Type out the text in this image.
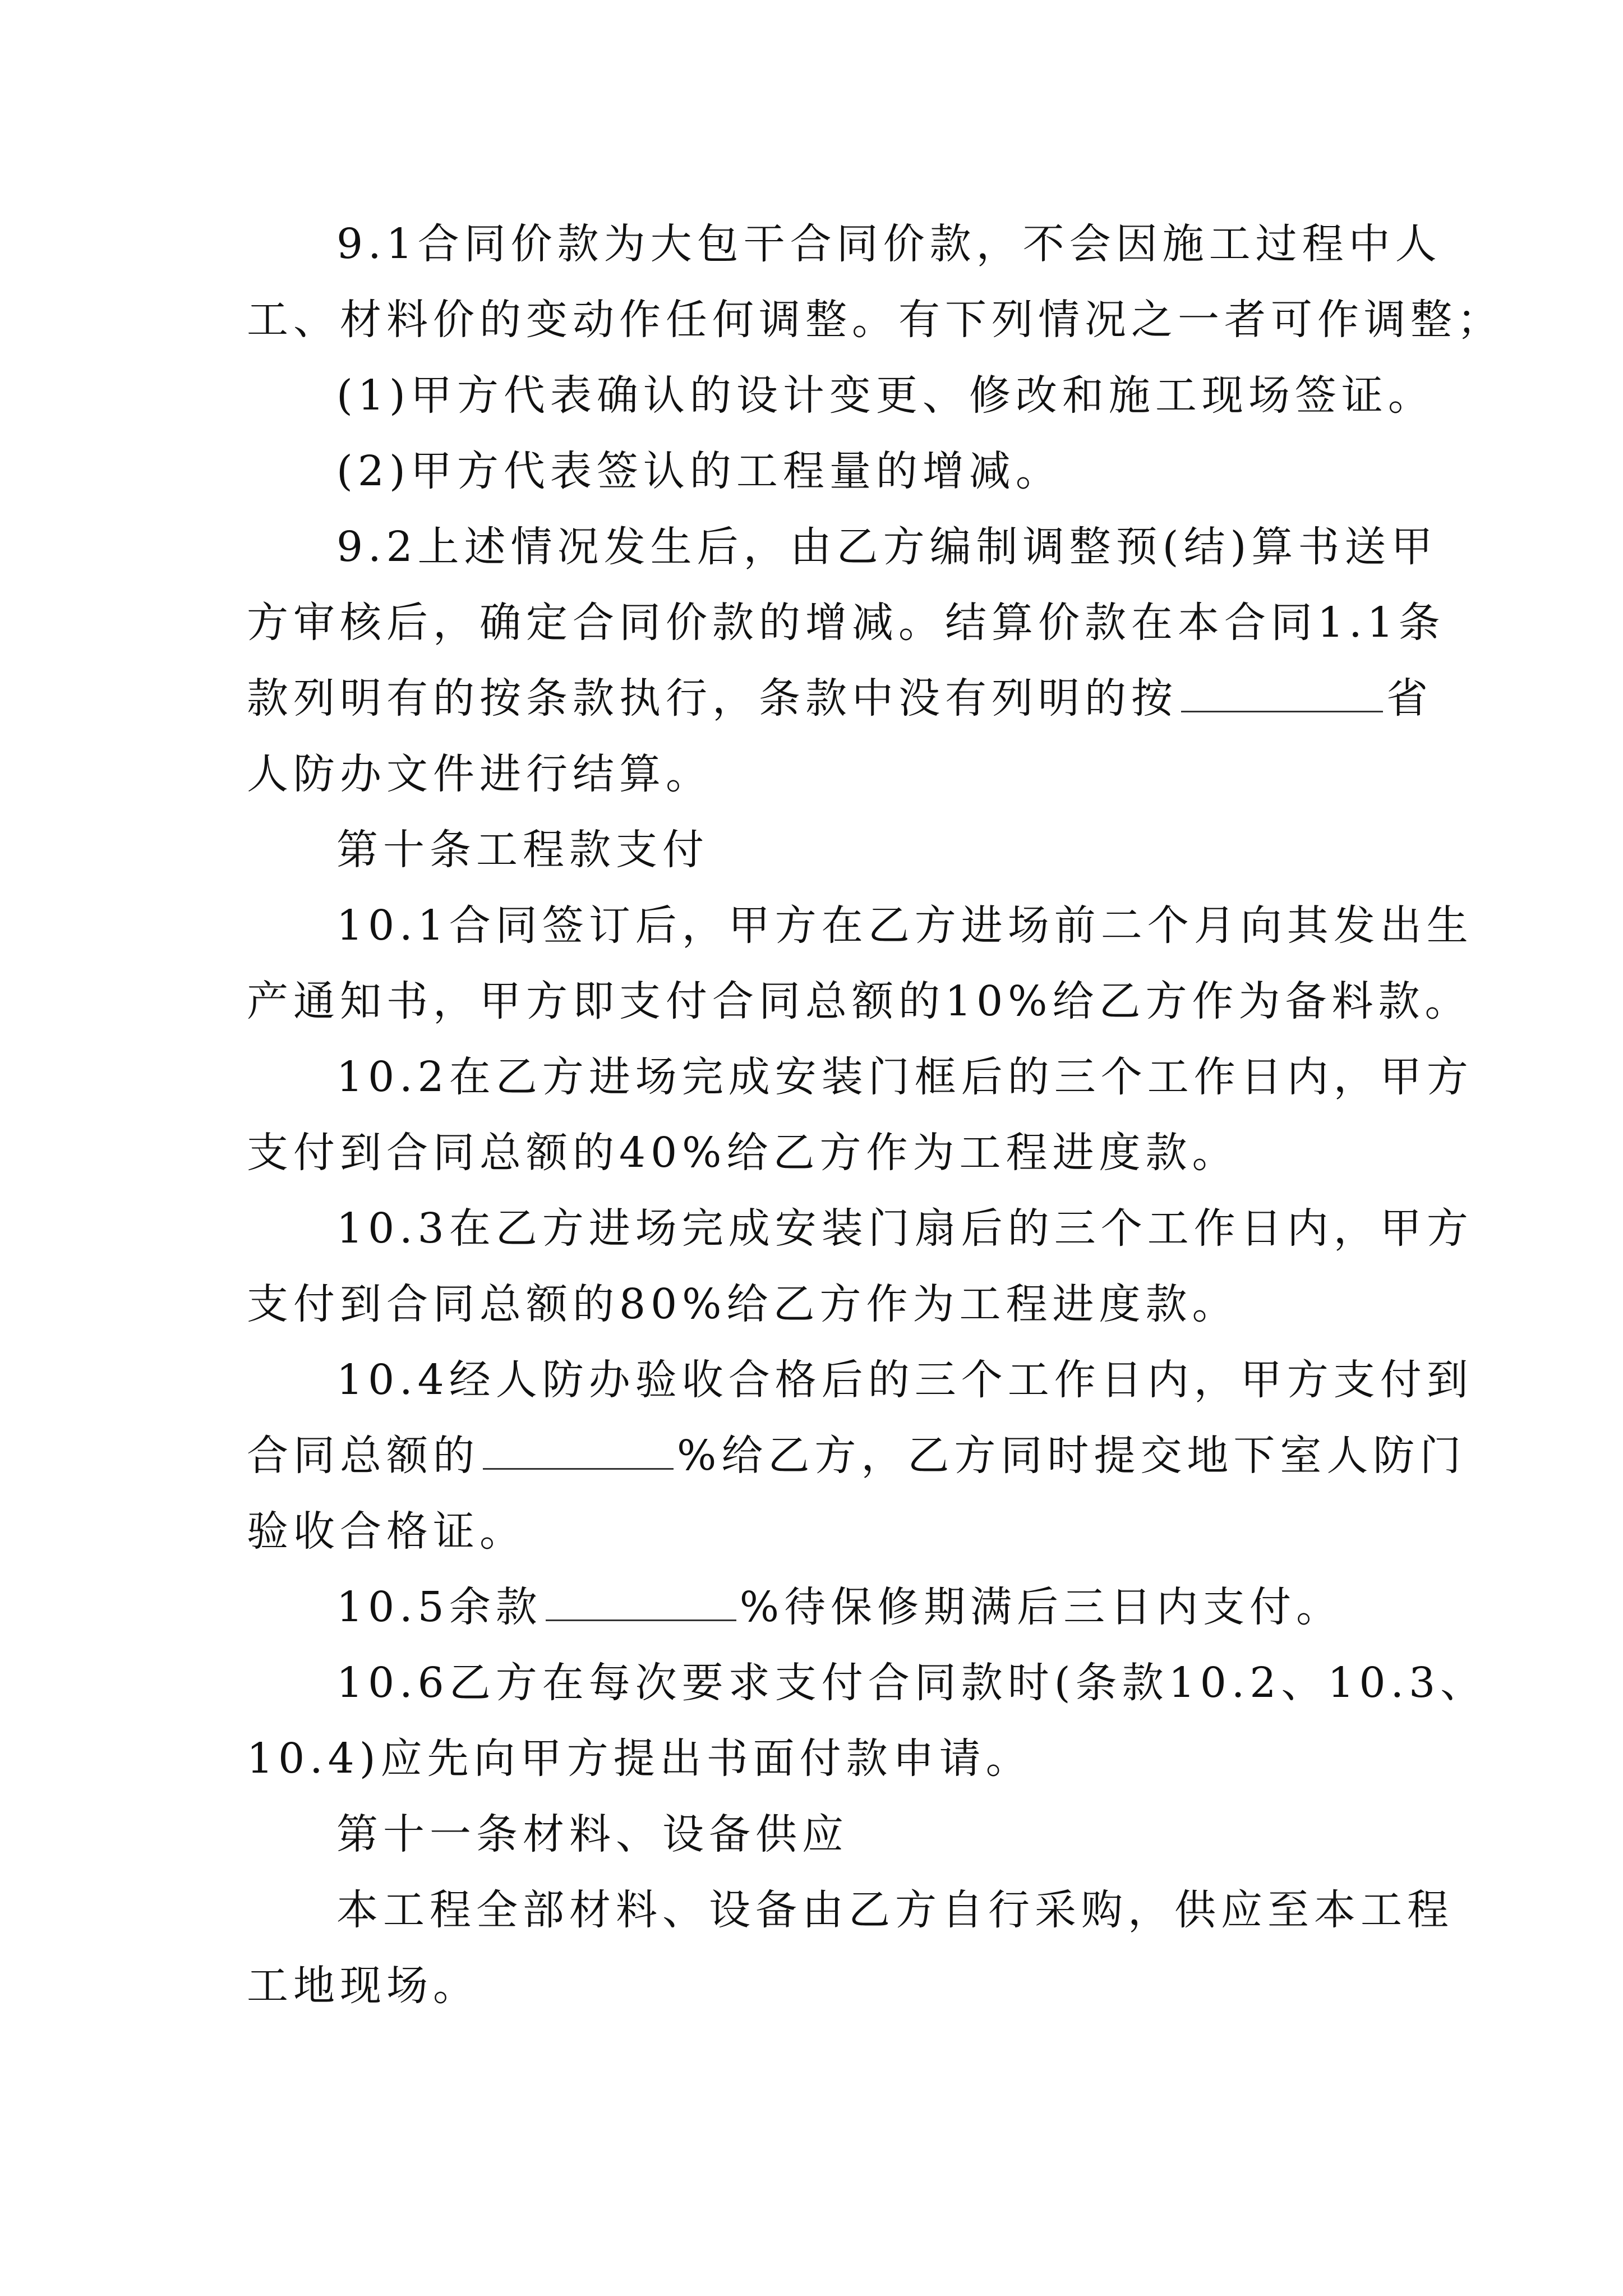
9.1合同价款为大包干合同价款，不会因施工过程中人
工、材料价的变动作任何调整。有下列情况之一者可作调整；
(1)甲方代表确认的设计变更、修改和施工现场签证。
(2)甲方代表签认的工程量的增减。
9.2上述情况发生后，由乙方编制调整预(结)算书送甲
方审核后，确定合同价款的增减。结算价款在本合同1.1条
款列明有的按条款执行，条款中没有列明的按	省
人防办文件进行结算。
第十条工程款支付
10.1合同签订后，甲方在乙方进场前二个月向其发出生
产通知书，甲方即支付合同总额的10%给乙方作为备料款。
10.2在乙方进场完成安装门框后的三个工作日内，甲方
支付到合同总额的40%给乙方作为工程进度款。
10.3在乙方进场完成安装门扇后的三个工作日内，甲方
支付到合同总额的80%给乙方作为工程进度款。
10.4经人防办验收合格后的三个工作日内，甲方支付到
合同总额的	%给乙方，乙方同时提交地下室人防门
验收合格证。
10.5余款	%待保修期满后三日内支付。
10.6乙方在每次要求支付合同款时(条款10.2、10.3、
10.4)应先向甲方提出书面付款申请。
第十一条材料、设备供应
本工程全部材料、设备由乙方自行采购，供应至本工程
工地现场。
